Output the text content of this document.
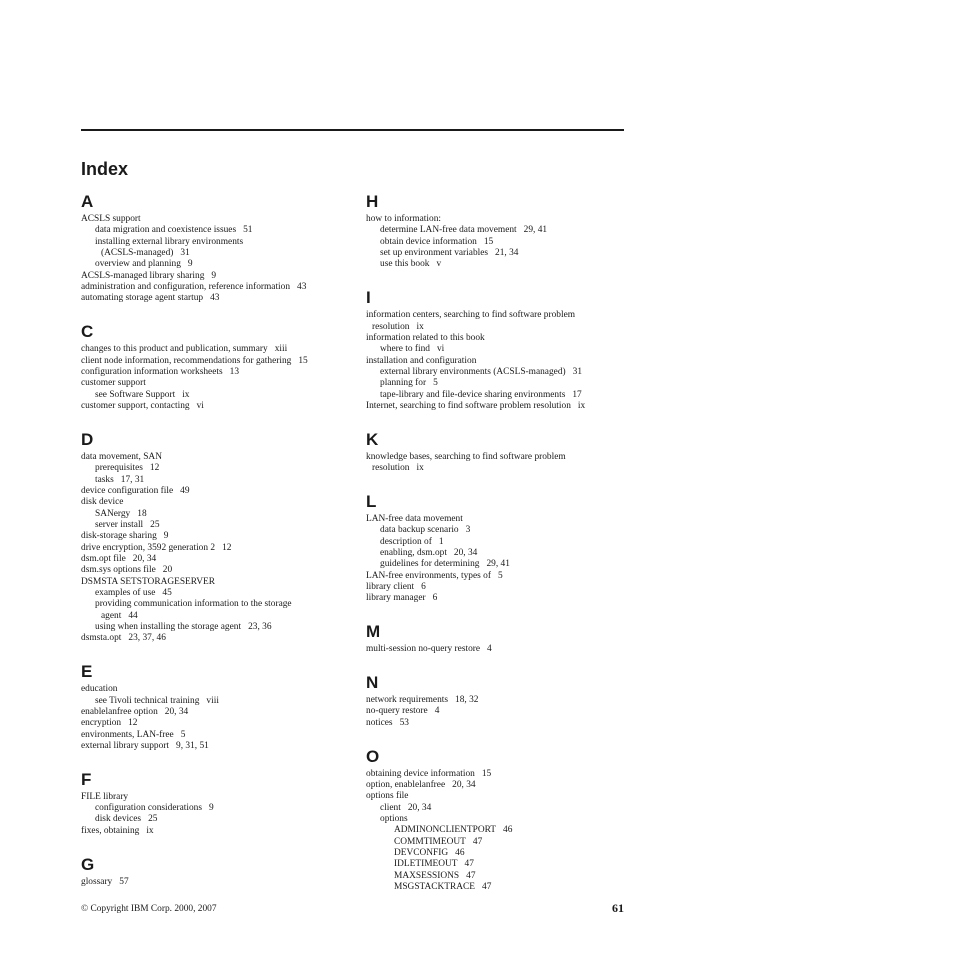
Index
A
ACSLS support
data migration and coexistence issues 51
installing external library environments
(ACSLS-managed) 31
overview and planning 9
ACSLS-managed library sharing 9
administration and configuration, reference information 43
automating storage agent startup 43
C
changes to this product and publication, summary xiii
client node information, recommendations for gathering 15
configuration information worksheets 13
customer support
see Software Support ix
customer support, contacting vi
D
data movement, SAN
prerequisites 12
tasks 17, 31
device configuration file 49
disk device
SANergy 18
server install 25
disk-storage sharing 9
drive encryption, 3592 generation 2 12
dsm.opt file 20, 34
dsm.sys options file 20
DSMSTA SETSTORAGESERVER
examples of use 45
providing communication information to the storage
agent 44
using when installing the storage agent 23, 36
dsmsta.opt 23, 37, 46
E
education
see Tivoli technical training viii
enablelanfree option 20, 34
encryption 12
environments, LAN-free 5
external library support 9, 31, 51
F
FILE library
configuration considerations 9
disk devices 25
fixes, obtaining ix
G
glossary 57
H
how to information:
determine LAN-free data movement 29, 41
obtain device information 15
set up environment variables 21, 34
use this book v
I
information centers, searching to find software problem
resolution ix
information related to this book
where to find vi
installation and configuration
external library environments (ACSLS-managed) 31
planning for 5
tape-library and file-device sharing environments 17
Internet, searching to find software problem resolution ix
K
knowledge bases, searching to find software problem
resolution ix
L
LAN-free data movement
data backup scenario 3
description of 1
enabling, dsm.opt 20, 34
guidelines for determining 29, 41
LAN-free environments, types of 5
library client 6
library manager 6
M
multi-session no-query restore 4
N
network requirements 18, 32
no-query restore 4
notices 53
O
obtaining device information 15
option, enablelanfree 20, 34
options file
client 20, 34
options
ADMINONCLIENTPORT 46
COMMTIMEOUT 47
DEVCONFIG 46
IDLETIMEOUT 47
MAXSESSIONS 47
MSGSTACKTRACE 47
© Copyright IBM Corp. 2000, 2007	61
